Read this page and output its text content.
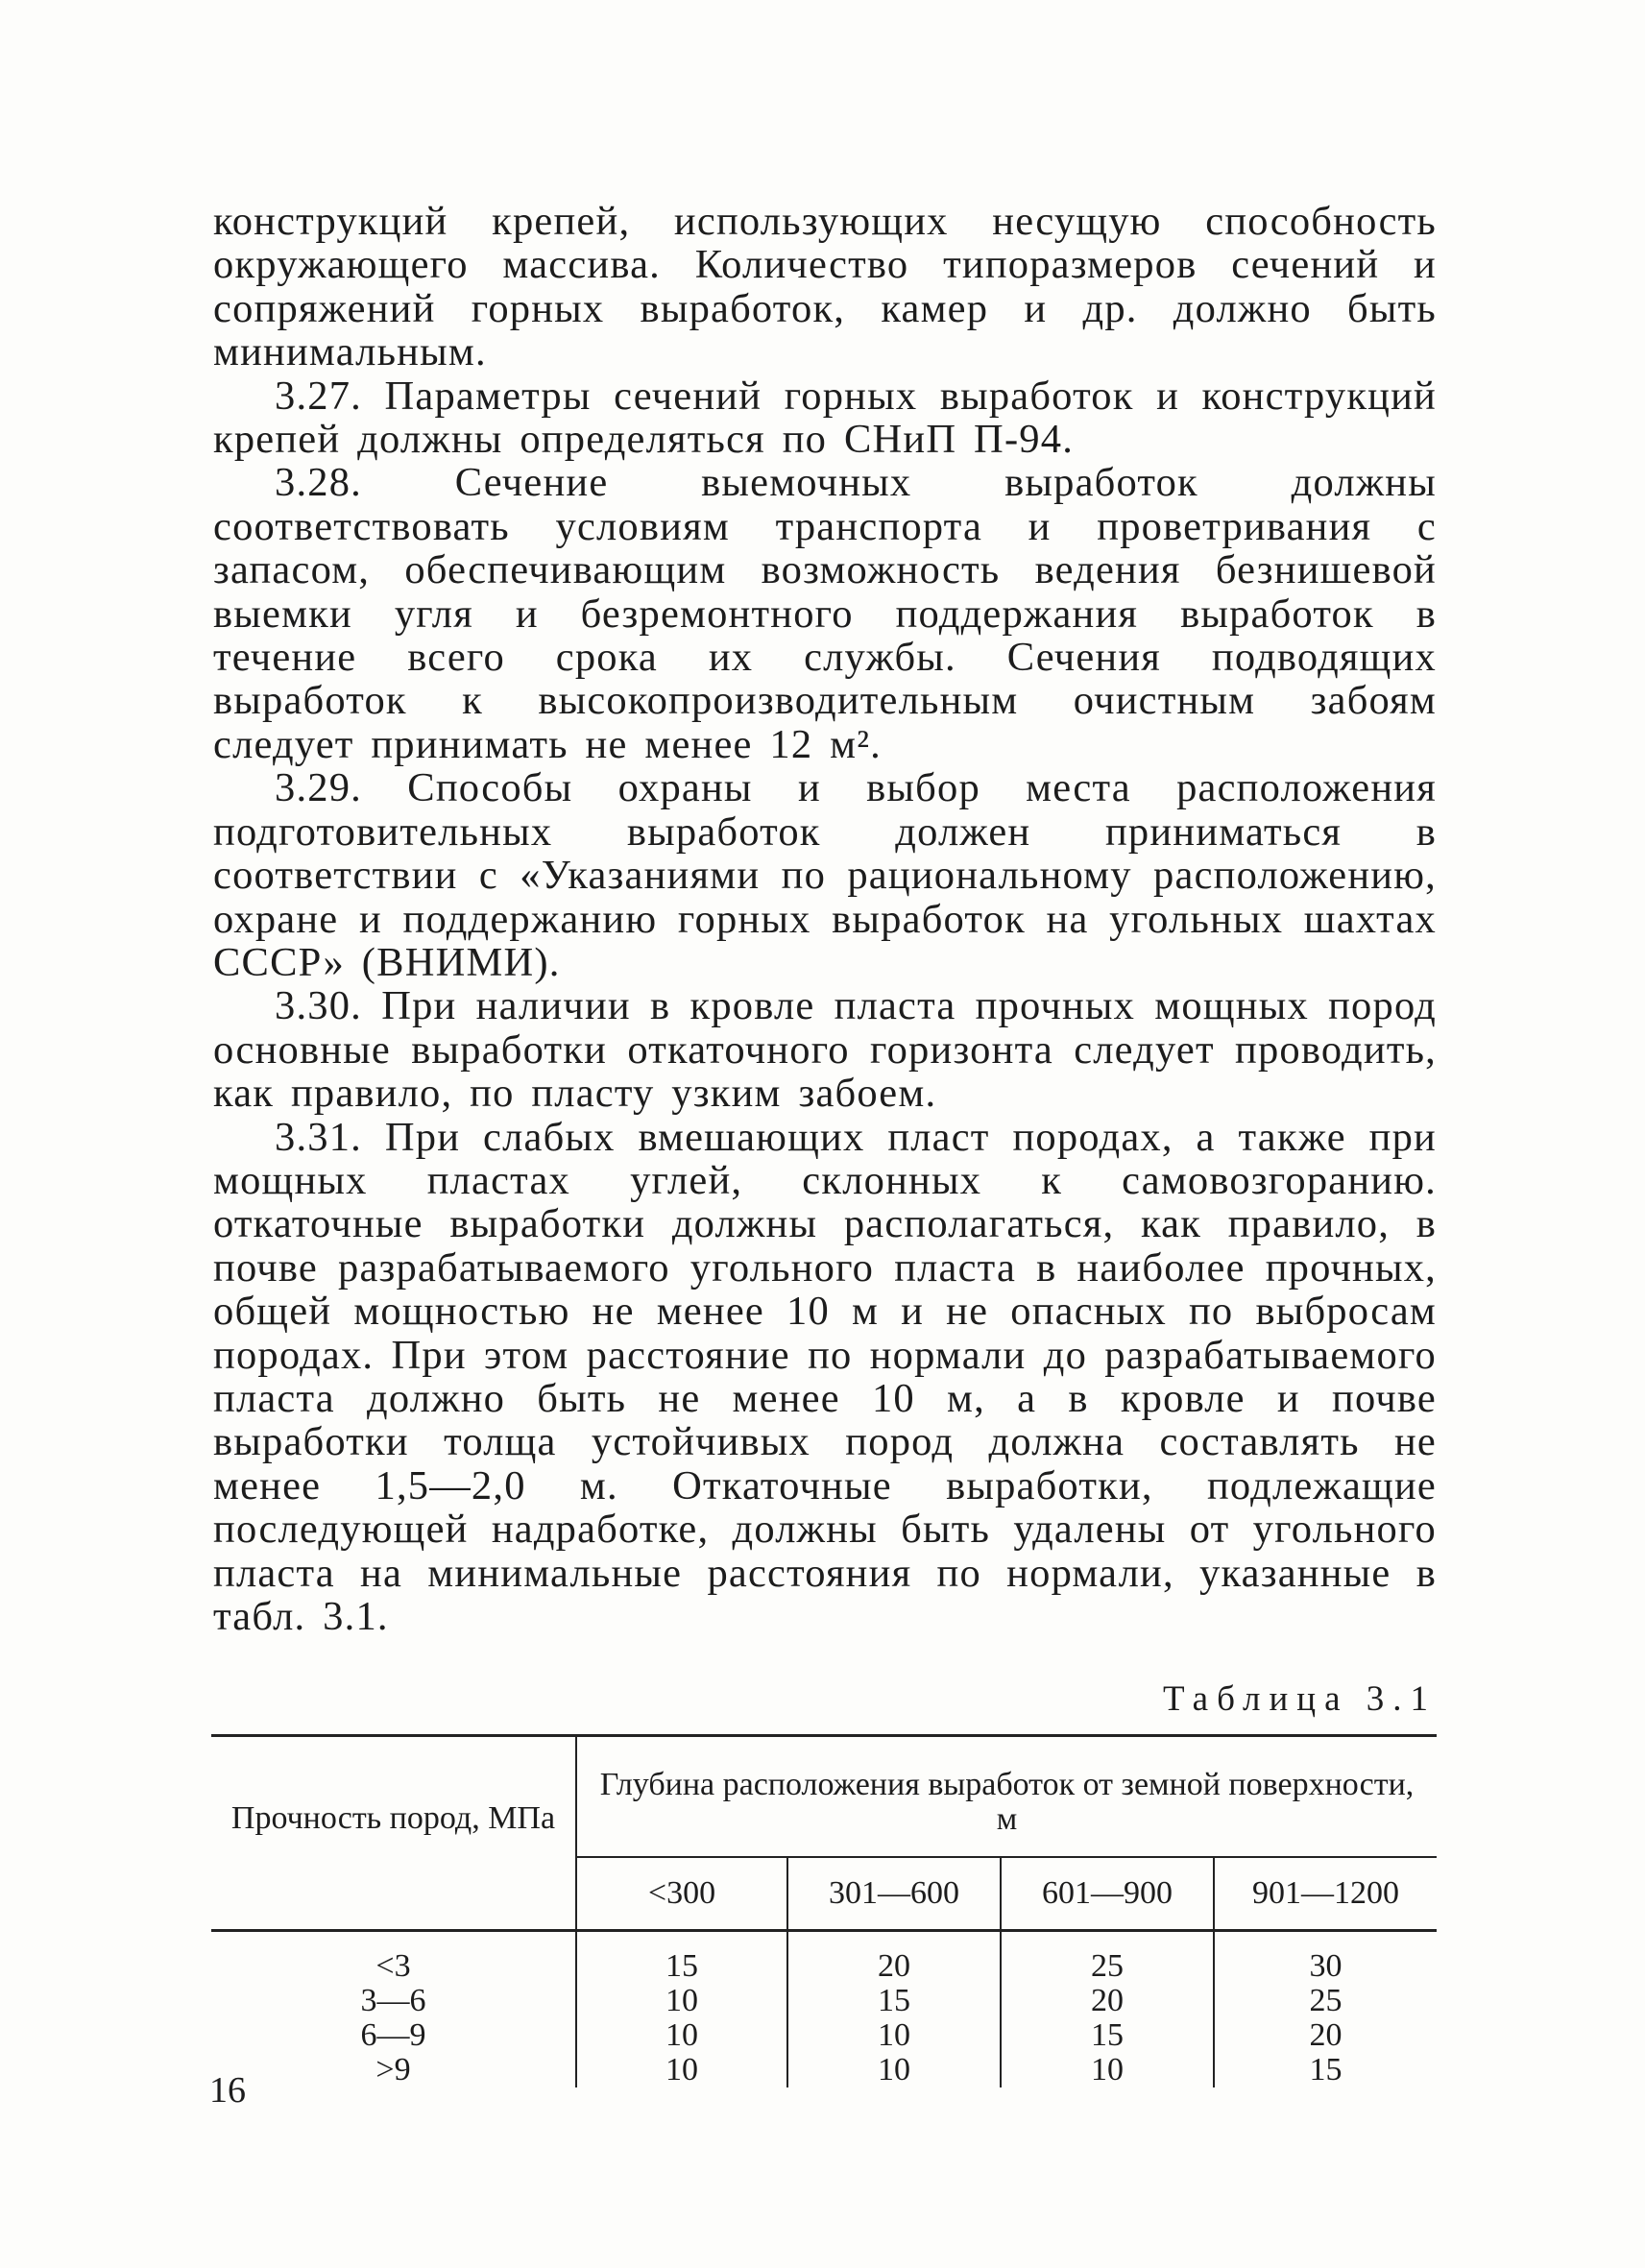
конструкций крепей, использующих несущую способность окружающего массива. Количество типоразмеров сечений и сопряжений горных выработок, камер и др. должно быть минимальным.

3.27. Параметры сечений горных выработок и конструкций крепей должны определяться по СНиП П-94.

3.28. Сечение выемочных выработок должны соответствовать условиям транспорта и проветривания с запасом, обеспечивающим возможность ведения безнишевой выемки угля и безремонтного поддержания выработок в течение всего срока их службы. Сечения подводящих выработок к высокопроизводительным очистным забоям следует принимать не менее 12 м².

3.29. Способы охраны и выбор места расположения подготовительных выработок должен приниматься в соответствии с «Указаниями по рациональному расположению, охране и поддержанию горных выработок на угольных шахтах СССР» (ВНИМИ).

3.30. При наличии в кровле пласта прочных мощных пород основные выработки откаточного горизонта следует проводить, как правило, по пласту узким забоем.

3.31. При слабых вмешающих пласт породах, а также при мощных пластах углей, склонных к самовозгоранию. откаточные выработки должны располагаться, как правило, в почве разрабатываемого угольного пласта в наиболее прочных, общей мощностью не менее 10 м и не опасных по выбросам породах. При этом расстояние по нормали до разрабатываемого пласта должно быть не менее 10 м, а в кровле и почве выработки толща устойчивых пород должна составлять не менее 1,5—2,0 м. Откаточные выработки, подлежащие последующей надработке, должны быть удалены от угольного пласта на минимальные расстояния по нормали, указанные в табл. 3.1.

Таблица 3.1
Прочность пород, МПа	Глубина расположения выработок от земной поверхности, м			
	<300	301—600	601—900	901—1200
<3	15	20	25	30
3—6	10	15	20	25
6—9	10	10	15	20
>9	10	10	10	15
16
